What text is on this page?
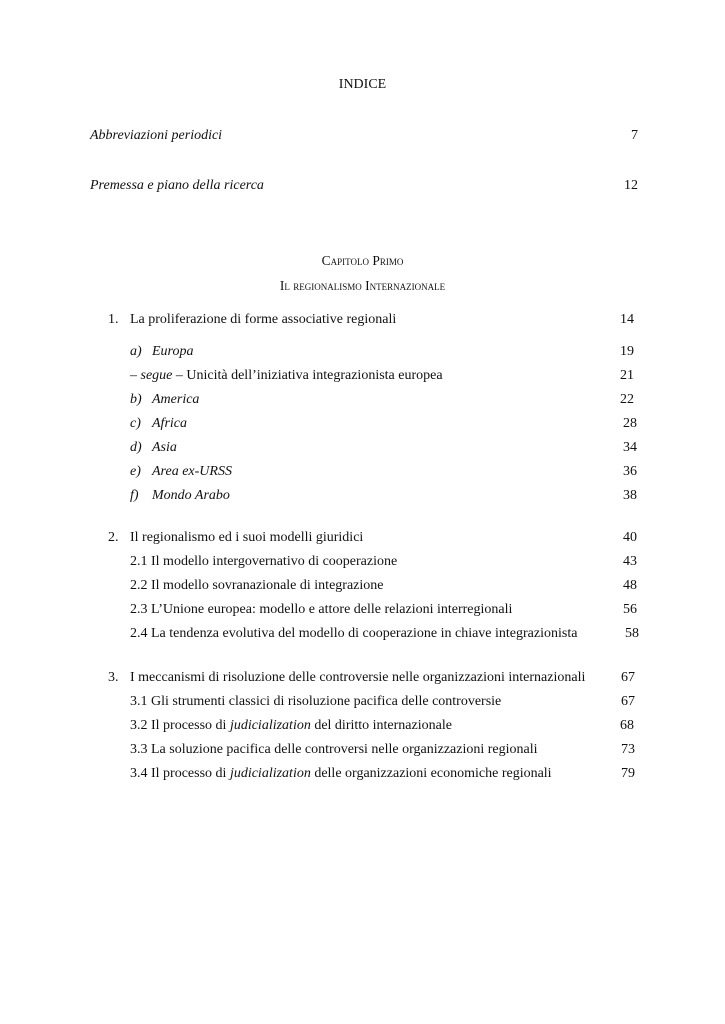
INDICE
Abbreviazioni periodici	7
Premessa e piano della ricerca	12
Capitolo Primo
Il regionalismo Internazionale
1. La proliferazione di forme associative regionali	14
a) Europa	19
– segue – Unicità dell’iniziativa integrazionista europea	21
b) America	22
c) Africa	28
d) Asia	34
e) Area ex-URSS	36
f) Mondo Arabo	38
2. Il regionalismo ed i suoi modelli giuridici	40
2.1 Il modello intergovernativo di cooperazione	43
2.2 Il modello sovranazionale di integrazione	48
2.3 L’Unione europea: modello e attore delle relazioni interregionali	56
2.4 La tendenza evolutiva del modello di cooperazione in chiave integrazionista	58
3. I meccanismi di risoluzione delle controversie nelle organizzazioni internazionali	67
3.1 Gli strumenti classici di risoluzione pacifica delle controversie	67
3.2 Il processo di judicialization del diritto internazionale	68
3.3 La soluzione pacifica delle controversi nelle organizzazioni regionali	73
3.4 Il processo di judicialization delle organizzazioni economiche regionali	79
